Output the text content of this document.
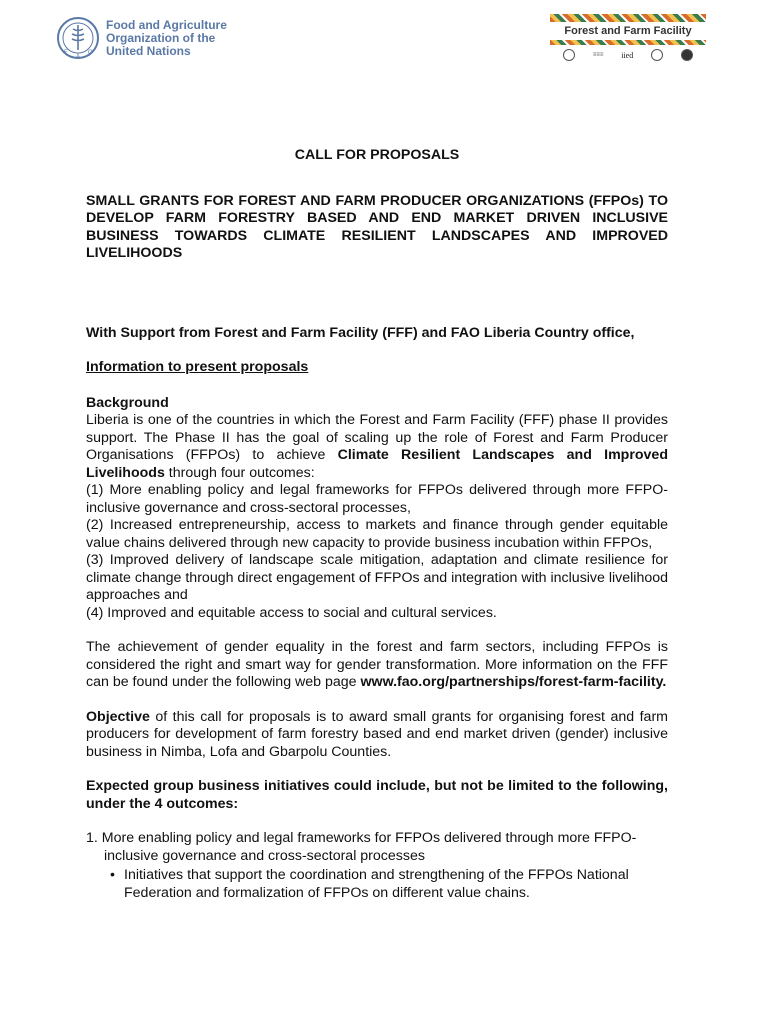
F
A
O
Food and Agriculture
Organization of the
United Nations
Forest and Farm Facility
≡≡≡ iied
CALL FOR PROPOSALS
SMALL GRANTS FOR FOREST AND FARM PRODUCER ORGANIZATIONS (FFPOs) TO DEVELOP FARM FORESTRY BASED AND END MARKET DRIVEN INCLUSIVE BUSINESS TOWARDS CLIMATE RESILIENT LANDSCAPES AND IMPROVED LIVELIHOODS
With Support from Forest and Farm Facility (FFF) and FAO Liberia Country office,
Information to present proposals
Background

Liberia is one of the countries in which the Forest and Farm Facility (FFF) phase II provides support. The Phase II has the goal of scaling up the role of Forest and Farm Producer Organisations (FFPOs) to achieve Climate Resilient Landscapes and Improved Livelihoods through four outcomes:

(1) More enabling policy and legal frameworks for FFPOs delivered through more FFPO-inclusive governance and cross-sectoral processes,

(2) Increased entrepreneurship, access to markets and finance through gender equitable value chains delivered through new capacity to provide business incubation within FFPOs,

(3) Improved delivery of landscape scale mitigation, adaptation and climate resilience for climate change through direct engagement of FFPOs and integration with inclusive livelihood approaches and

(4) Improved and equitable access to social and cultural services.

The achievement of gender equality in the forest and farm sectors, including FFPOs is considered the right and smart way for gender transformation. More information on the FFF can be found under the following web page www.fao.org/partnerships/forest-farm-facility.

Objective of this call for proposals is to award small grants for organising forest and farm producers for development of farm forestry based and end market driven (gender) inclusive business in Nimba, Lofa and Gbarpolu Counties.

Expected group business initiatives could include, but not be limited to the following, under the 4 outcomes:

1. More enabling policy and legal frameworks for FFPOs delivered through more FFPO-inclusive governance and cross-sectoral processes

• Initiatives that support the coordination and strengthening of the FFPOs National Federation and formalization of FFPOs on different value chains.
